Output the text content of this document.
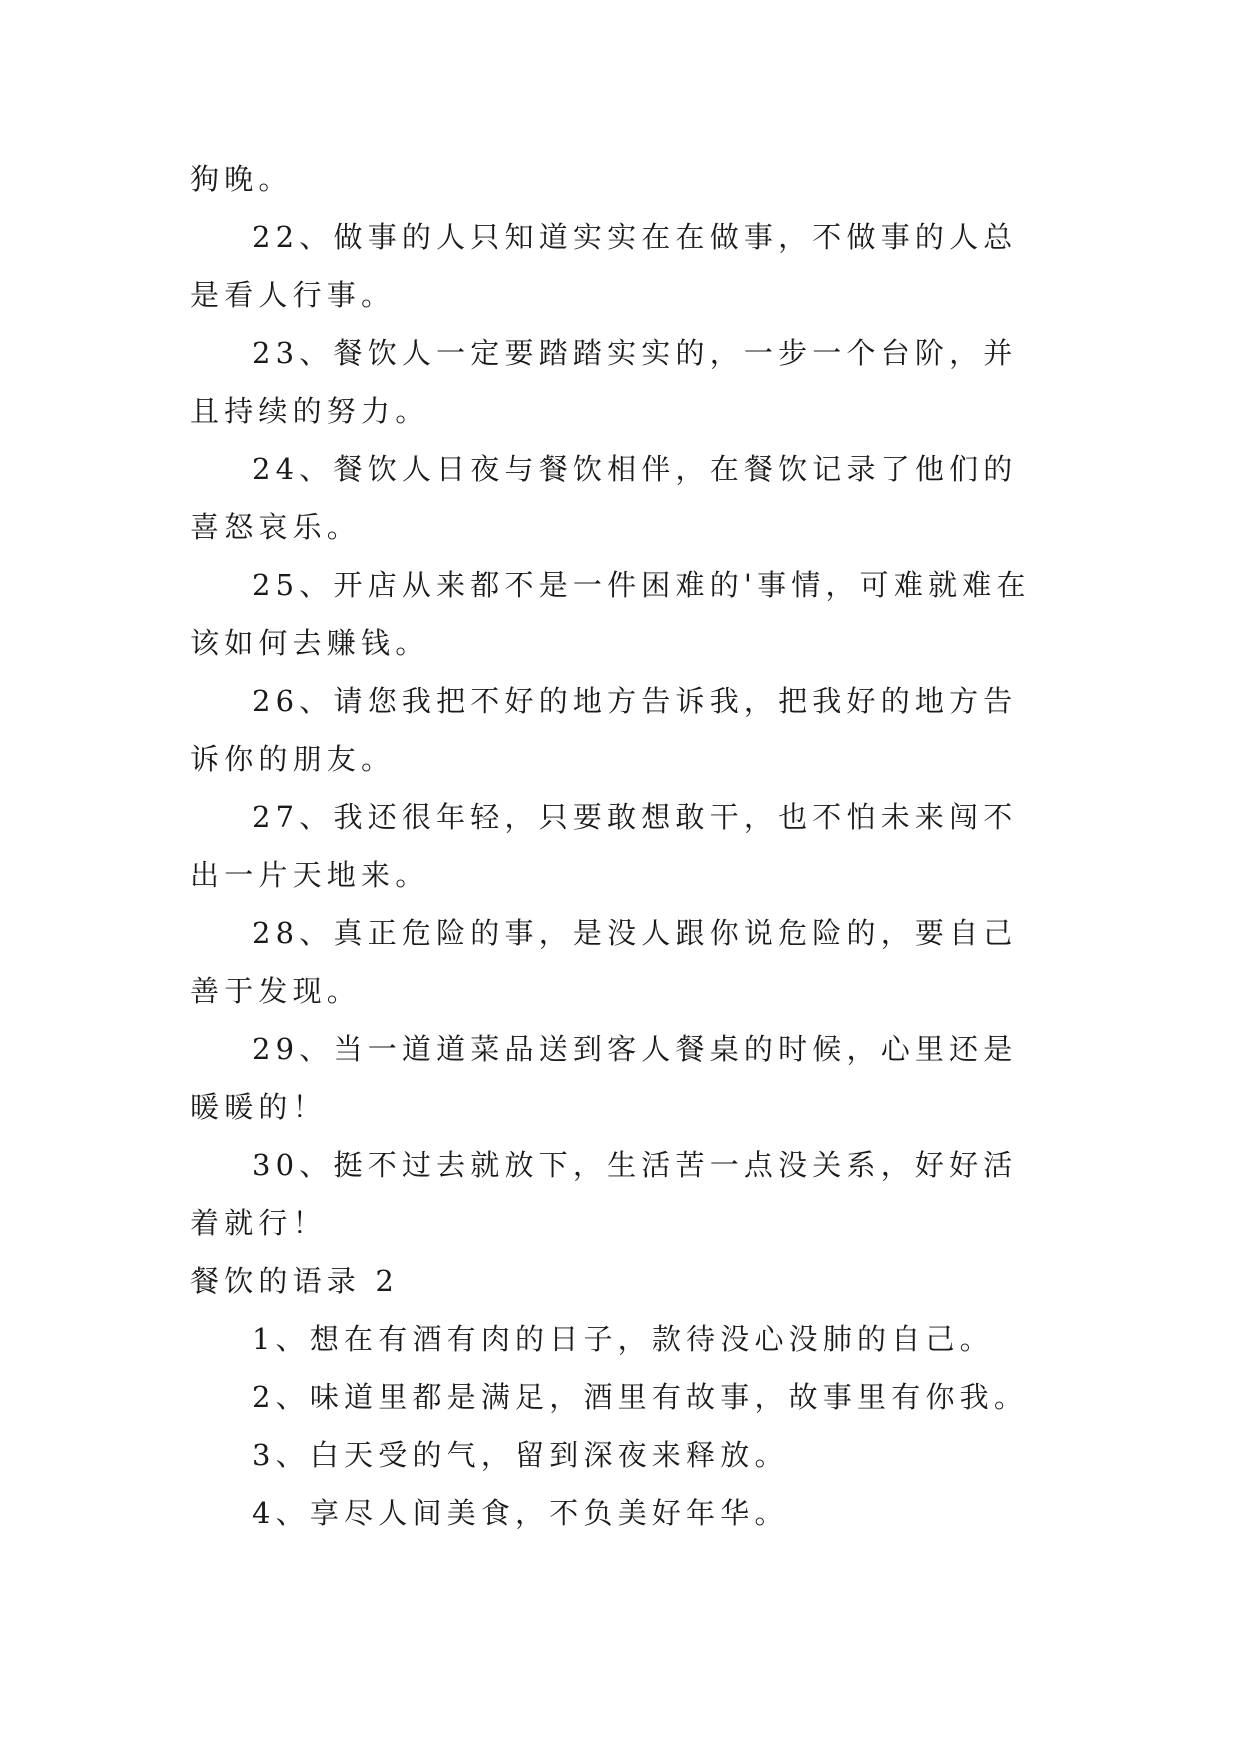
狗晚。

22、做事的人只知道实实在在做事，不做事的人总是看人行事。

23、餐饮人一定要踏踏实实的，一步一个台阶，并且持续的努力。

24、餐饮人日夜与餐饮相伴，在餐饮记录了他们的喜怒哀乐。

25、开店从来都不是一件困难的'事情，可难就难在该如何去赚钱。

26、请您我把不好的地方告诉我，把我好的地方告诉你的朋友。

27、我还很年轻，只要敢想敢干，也不怕未来闯不出一片天地来。

28、真正危险的事，是没人跟你说危险的，要自己善于发现。

29、当一道道菜品送到客人餐桌的时候，心里还是暖暖的！

30、挺不过去就放下，生活苦一点没关系，好好活着就行！

餐饮的语录 2

1、想在有酒有肉的日子，款待没心没肺的自己。

2、味道里都是满足，酒里有故事，故事里有你我。

3、白天受的气，留到深夜来释放。

4、享尽人间美食，不负美好年华。
